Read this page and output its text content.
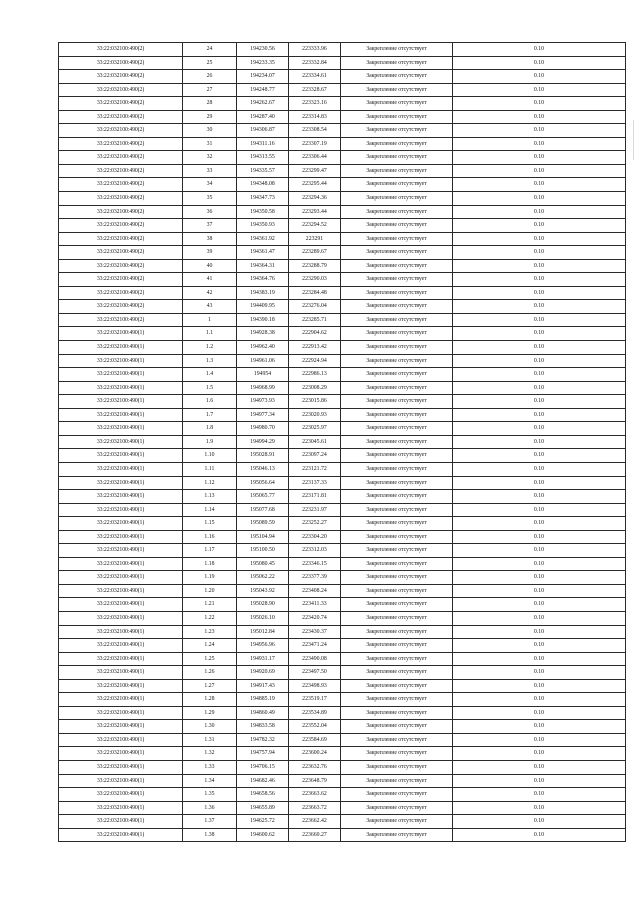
33:22:032100:490(2)	24	194230.56	223333.96	Закрепление отсутствует	0.10
33:22:032100:490(2)	25	194233.35	223332.84	Закрепление отсутствует	0.10
33:22:032100:490(2)	26	194234.07	223334.61	Закрепление отсутствует	0.10
33:22:032100:490(2)	27	194248.77	223328.67	Закрепление отсутствует	0.10
33:22:032100:490(2)	28	194262.67	223323.16	Закрепление отсутствует	0.10
33:22:032100:490(2)	29	194287.40	223314.83	Закрепление отсутствует	0.10
33:22:032100:490(2)	30	194306.87	223308.54	Закрепление отсутствует	0.10
33:22:032100:490(2)	31	194311.16	223307.19	Закрепление отсутствует	0.10
33:22:032100:490(2)	32	194313.55	223306.44	Закрепление отсутствует	0.10
33:22:032100:490(2)	33	194335.57	223299.47	Закрепление отсутствует	0.10
33:22:032100:490(2)	34	194348.08	223295.44	Закрепление отсутствует	0.10
33:22:032100:490(2)	35	194347.73	223294.36	Закрепление отсутствует	0.10
33:22:032100:490(2)	36	194350.58	223293.44	Закрепление отсутствует	0.10
33:22:032100:490(2)	37	194350.93	223294.52	Закрепление отсутствует	0.10
33:22:032100:490(2)	38	194361.92	223291	Закрепление отсутствует	0.10
33:22:032100:490(2)	39	194361.47	223289.67	Закрепление отсутствует	0.10
33:22:032100:490(2)	40	194364.31	223288.79	Закрепление отсутствует	0.10
33:22:032100:490(2)	41	194364.76	223290.03	Закрепление отсутствует	0.10
33:22:032100:490(2)	42	194383.19	223284.48	Закрепление отсутствует	0.10
33:22:032100:490(2)	43	194409.95	223276.04	Закрепление отсутствует	0.10
33:22:032100:490(2)	1	194390.18	223285.71	Закрепление отсутствует	0.10
33:22:032100:490(1)	1.1	194928.38	222904.62	Закрепление отсутствует	0.10
33:22:032100:490(1)	1.2	194962.40	222913.42	Закрепление отсутствует	0.10
33:22:032100:490(1)	1.3	194961.06	222924.94	Закрепление отсутствует	0.10
33:22:032100:490(1)	1.4	194954	222986.13	Закрепление отсутствует	0.10
33:22:032100:490(1)	1.5	194968.99	223008.29	Закрепление отсутствует	0.10
33:22:032100:490(1)	1.6	194973.93	223015.86	Закрепление отсутствует	0.10
33:22:032100:490(1)	1.7	194977.34	223020.93	Закрепление отсутствует	0.10
33:22:032100:490(1)	1.8	194980.70	223025.97	Закрепление отсутствует	0.10
33:22:032100:490(1)	1.9	194994.29	223045.61	Закрепление отсутствует	0.10
33:22:032100:490(1)	1.10	195028.91	223097.24	Закрепление отсутствует	0.10
33:22:032100:490(1)	1.11	195046.13	223121.72	Закрепление отсутствует	0.10
33:22:032100:490(1)	1.12	195056.64	223137.33	Закрепление отсутствует	0.10
33:22:032100:490(1)	1.13	195065.77	223171.81	Закрепление отсутствует	0.10
33:22:032100:490(1)	1.14	195077.68	223231.97	Закрепление отсутствует	0.10
33:22:032100:490(1)	1.15	195089.59	223252.27	Закрепление отсутствует	0.10
33:22:032100:490(1)	1.16	195104.94	223304.20	Закрепление отсутствует	0.10
33:22:032100:490(1)	1.17	195100.50	223312.03	Закрепление отсутствует	0.10
33:22:032100:490(1)	1.18	195080.45	223346.15	Закрепление отсутствует	0.10
33:22:032100:490(1)	1.19	195062.22	223377.39	Закрепление отсутствует	0.10
33:22:032100:490(1)	1.20	195043.92	223408.24	Закрепление отсутствует	0.10
33:22:032100:490(1)	1.21	195028.90	223411.33	Закрепление отсутствует	0.10
33:22:032100:490(1)	1.22	195026.10	223420.74	Закрепление отсутствует	0.10
33:22:032100:490(1)	1.23	195012.84	223430.37	Закрепление отсутствует	0.10
33:22:032100:490(1)	1.24	194956.96	223471.24	Закрепление отсутствует	0.10
33:22:032100:490(1)	1.25	194931.17	223490.08	Закрепление отсутствует	0.10
33:22:032100:490(1)	1.26	194920.69	223497.50	Закрепление отсутствует	0.10
33:22:032100:490(1)	1.27	194917.43	223498.93	Закрепление отсутствует	0.10
33:22:032100:490(1)	1.28	194885.19	223519.17	Закрепление отсутствует	0.10
33:22:032100:490(1)	1.29	194860.49	223534.89	Закрепление отсутствует	0.10
33:22:032100:490(1)	1.30	194833.58	223552.04	Закрепление отсутствует	0.10
33:22:032100:490(1)	1.31	194782.32	223584.69	Закрепление отсутствует	0.10
33:22:032100:490(1)	1.32	194757.94	223600.24	Закрепление отсутствует	0.10
33:22:032100:490(1)	1.33	194706.15	223632.76	Закрепление отсутствует	0.10
33:22:032100:490(1)	1.34	194682.46	223648.79	Закрепление отсутствует	0.10
33:22:032100:490(1)	1.35	194658.56	223663.62	Закрепление отсутствует	0.10
33:22:032100:490(1)	1.36	194655.89	223663.72	Закрепление отсутствует	0.10
33:22:032100:490(1)	1.37	194625.72	223662.42	Закрепление отсутствует	0.10
33:22:032100:490(1)	1.38	194600.62	223660.27	Закрепление отсутствует	0.10
